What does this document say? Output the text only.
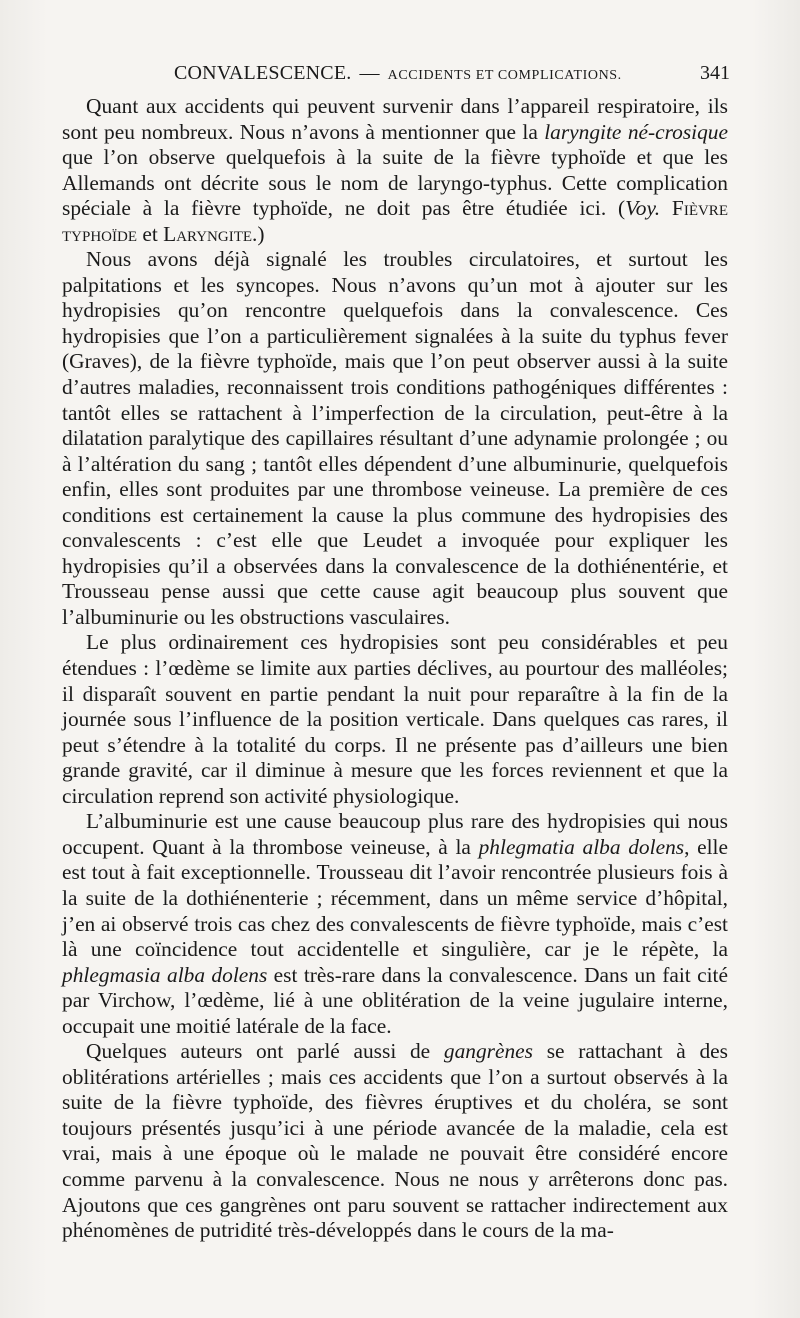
CONVALESCENCE. — ACCIDENTS ET COMPLICATIONS.	341

Quant aux accidents qui peuvent survenir dans l’appareil respiratoire, ils sont peu nombreux. Nous n’avons à mentionner que la laryngite né-crosique que l’on observe quelquefois à la suite de la fièvre typhoïde et que les Allemands ont décrite sous le nom de laryngo-typhus. Cette complication spéciale à la fièvre typhoïde, ne doit pas être étudiée ici. (Voy. Fièvre typhoïde et Laryngite.)

Nous avons déjà signalé les troubles circulatoires, et surtout les palpitations et les syncopes. Nous n’avons qu’un mot à ajouter sur les hydropisies qu’on rencontre quelquefois dans la convalescence. Ces hydropisies que l’on a particulièrement signalées à la suite du typhus fever (Graves), de la fièvre typhoïde, mais que l’on peut observer aussi à la suite d’autres maladies, reconnaissent trois conditions pathogéniques différentes : tantôt elles se rattachent à l’imperfection de la circulation, peut-être à la dilatation paralytique des capillaires résultant d’une adynamie prolongée ; ou à l’altération du sang ; tantôt elles dépendent d’une albuminurie, quelquefois enfin, elles sont produites par une thrombose veineuse. La première de ces conditions est certainement la cause la plus commune des hydropisies des convalescents : c’est elle que Leudet a invoquée pour expliquer les hydropisies qu’il a observées dans la convalescence de la dothiénentérie, et Trousseau pense aussi que cette cause agit beaucoup plus souvent que l’albuminurie ou les obstructions vasculaires.

Le plus ordinairement ces hydropisies sont peu considérables et peu étendues : l’œdème se limite aux parties déclives, au pourtour des malléoles; il disparaît souvent en partie pendant la nuit pour reparaître à la fin de la journée sous l’influence de la position verticale. Dans quelques cas rares, il peut s’étendre à la totalité du corps. Il ne présente pas d’ailleurs une bien grande gravité, car il diminue à mesure que les forces reviennent et que la circulation reprend son activité physiologique.

L’albuminurie est une cause beaucoup plus rare des hydropisies qui nous occupent. Quant à la thrombose veineuse, à la phlegmatia alba dolens, elle est tout à fait exceptionnelle. Trousseau dit l’avoir rencontrée plusieurs fois à la suite de la dothiénenterie ; récemment, dans un même service d’hôpital, j’en ai observé trois cas chez des convalescents de fièvre typhoïde, mais c’est là une coïncidence tout accidentelle et singulière, car je le répète, la phlegmasia alba dolens est très-rare dans la convalescence. Dans un fait cité par Virchow, l’œdème, lié à une oblitération de la veine jugulaire interne, occupait une moitié latérale de la face.

Quelques auteurs ont parlé aussi de gangrènes se rattachant à des oblitérations artérielles ; mais ces accidents que l’on a surtout observés à la suite de la fièvre typhoïde, des fièvres éruptives et du choléra, se sont toujours présentés jusqu’ici à une période avancée de la maladie, cela est vrai, mais à une époque où le malade ne pouvait être considéré encore comme parvenu à la convalescence. Nous ne nous y arrêterons donc pas. Ajoutons que ces gangrènes ont paru souvent se rattacher indirectement aux phénomènes de putridité très-développés dans le cours de la ma-
